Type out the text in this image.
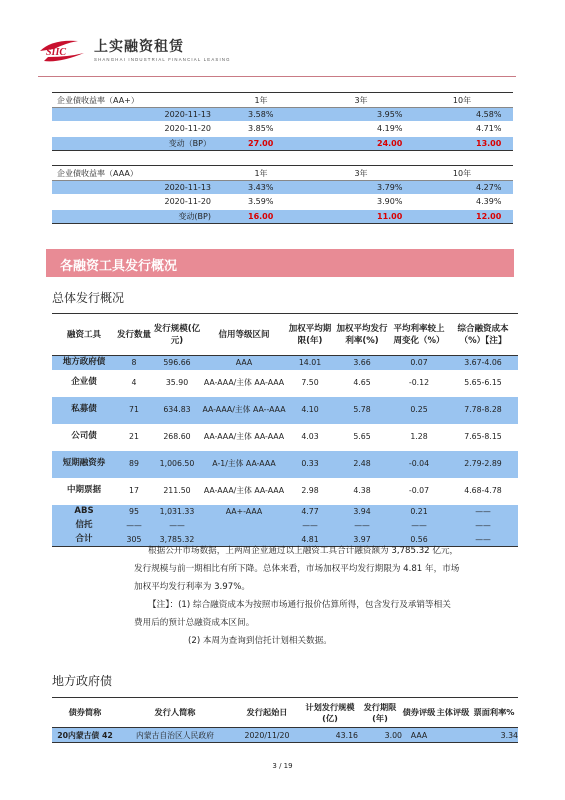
SIIC 上实融资租赁
SHANGHAI INDUSTRIAL FINANCIAL LEASING
企业债收益率（AA+）	1年	3年	10年
2020-11-13	3.58%	3.95%	4.58%
2020-11-20	3.85%	4.19%	4.71%
变动（BP）	27.00	24.00	13.00
企业债收益率（AAA）	1年	3年	10年
2020-11-13	3.43%	3.79%	4.27%
2020-11-20	3.59%	3.90%	4.39%
变动(BP)	16.00	11.00	12.00
各融资工具发行概况
总体发行概况
融资工具	发行数量	发行规模(亿元)	信用等级区间	加权平均期限(年)	加权平均发行利率(%)	平均利率较上周变化（%）	综合融资成本（%）【注】
地方政府债	8	596.66	AAA	14.01	3.66	0.07	3.67-4.06
企业债	4	35.90	AA-AAA/主体 AA-AAA	7.50	4.65	-0.12	5.65-6.15
私募债	71	634.83	AA-AAA/主体 AA--AAA	4.10	5.78	0.25	7.78-8.28
公司债	21	268.60	AA-AAA/主体 AA-AAA	4.03	5.65	1.28	7.65-8.15
短期融资券	89	1,006.50	A-1/主体 AA-AAA	0.33	2.48	-0.04	2.79-2.89
中期票据	17	211.50	AA-AAA/主体 AA-AAA	2.98	4.38	-0.07	4.68-4.78
ABS	95	1,031.33	AA+-AAA	4.77	3.94	0.21	——
信托	——	——		——	——	——	——
合计	305	3,785.32		4.81	3.97	0.56	——
根据公开市场数据，上两周企业通过以上融资工具合计融资额为 3,785.32 亿元，
发行规模与前一期相比有所下降。总体来看，市场加权平均发行期限为 4.81 年，市场
加权平均发行利率为 3.97%。
【注】：(1) 综合融资成本为按照市场通行报价估算所得，包含发行及承销等相关
费用后的预计总融资成本区间。
(2) 本周为查询到信托计划相关数据。
地方政府债
债券简称	发行人简称	发行起始日	计划发行规模(亿)	发行期限(年)	债券评级	主体评级	票面利率%
20内蒙古债 42	内蒙古自治区人民政府	2020/11/20	43.16	3.00	AAA		3.34
3 / 19
